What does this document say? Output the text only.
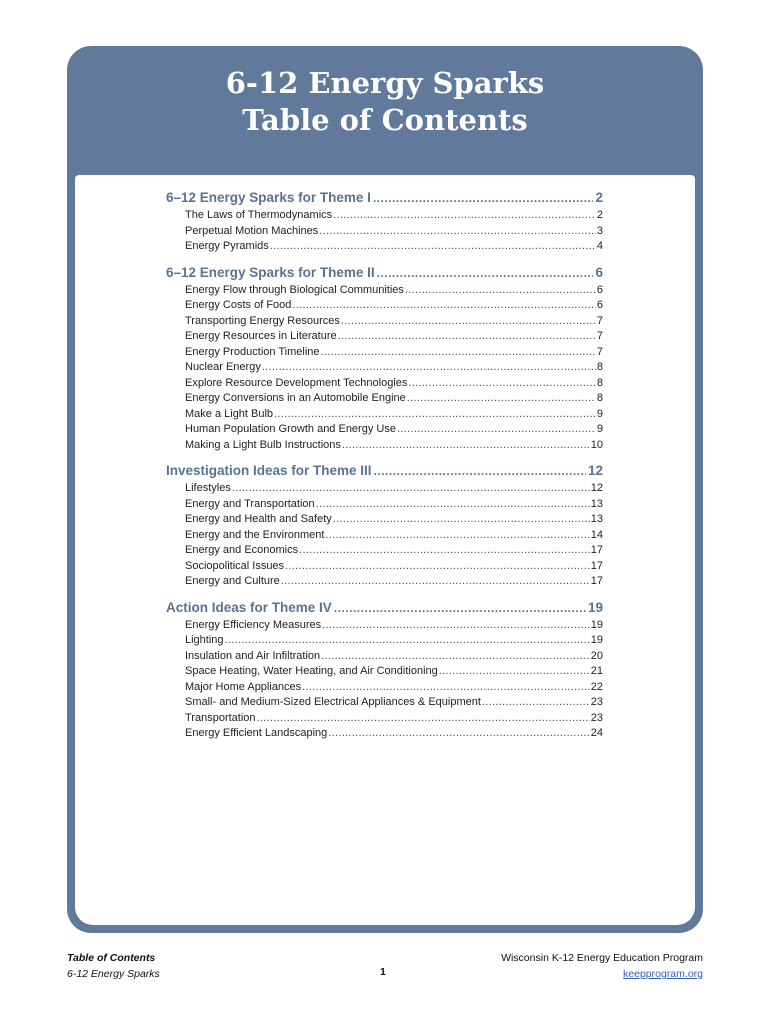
6-12 Energy Sparks
Table of Contents
6–12 Energy Sparks for Theme I .....	2
The Laws of Thermodynamics .....	2
Perpetual Motion Machines .....	3
Energy Pyramids .....	4
6–12 Energy Sparks for Theme II .....	6
Energy Flow through Biological Communities .....	6
Energy Costs of Food .....	6
Transporting Energy Resources .....	7
Energy Resources in Literature .....	7
Energy Production Timeline .....	7
Nuclear Energy .....	8
Explore Resource Development Technologies .....	8
Energy Conversions in an Automobile Engine .....	8
Make a Light Bulb .....	9
Human Population Growth and Energy Use .....	9
Making a Light Bulb Instructions .....	10
Investigation Ideas for Theme III .....	12
Lifestyles .....	12
Energy and Transportation .....	13
Energy and Health and Safety .....	13
Energy and the Environment .....	14
Energy and Economics .....	17
Sociopolitical Issues .....	17
Energy and Culture .....	17
Action Ideas for Theme IV .....	19
Energy Efficiency Measures .....	19
Lighting .....	19
Insulation and Air Infiltration .....	20
Space Heating, Water Heating, and Air Conditioning .....	21
Major Home Appliances .....	22
Small- and Medium-Sized Electrical Appliances & Equipment .....	23
Transportation .....	23
Energy Efficient Landscaping .....	24
Table of Contents
6-12 Energy Sparks	1
Wisconsin K-12 Energy Education Program
keepprogram.org
